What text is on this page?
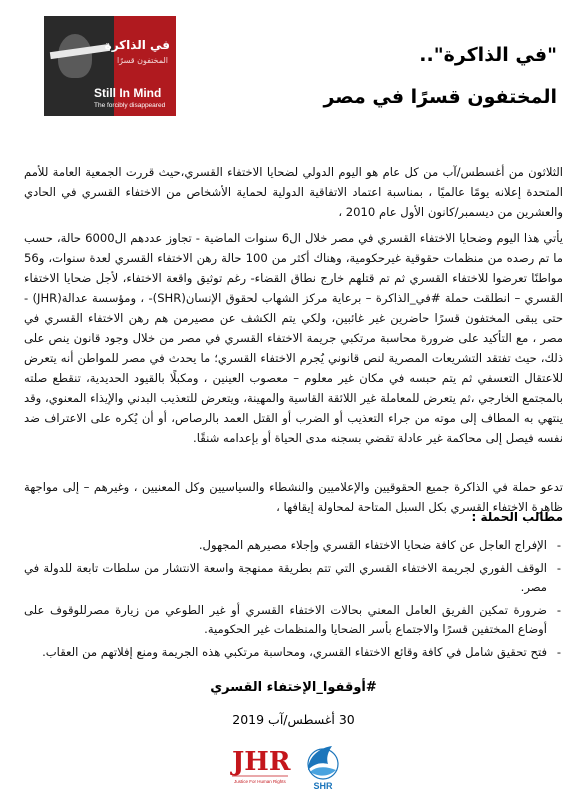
في الذاكرة
المختفون قسرًا
Still In Mind
The forcibly disappeared
"في الذاكرة"..
المختفون قسرًا في مصر

الثلاثون من أغسطس/آب من كل عام هو اليوم الدولي لضحايا الاختفاء القسري،حيث قررت الجمعية العامة للأمم المتحدة إعلانه يومًا عالميًا ، بمناسبة اعتماد الاتفاقية الدولية لحماية الأشخاص من الاختفاء القسري في الحادي والعشرين من ديسمبر/كانون الأول عام 2010 ،

يأتي هذا اليوم وضحايا الاختفاء القسري في مصر خلال ال6 سنوات الماضية - تجاوز عددهم ال6000 حالة، حسب ما تم رصده من منظمات حقوقية غيرحكومية، وهناك أكثر من 100 حالة رهن الاختفاء القسري لعدة سنوات، و56 مواطنًا تعرضوا للاختفاء القسري ثم تم قتلهم خارج نطاق القضاء- رغم توثيق واقعة الاختفاء، لأجل ضحايا الاختفاء القسري – انطلقت حملة #في_الذاكرة – برعاية مركز الشهاب لحقوق الإنسان(SHR)- ، ومؤسسة عدالة(JHR) - حتى يبقى المختفون قسرًا حاضرين غير غائبين، ولكي يتم الكشف عن مصيرمن هم رهن الاختفاء القسري في مصر ، مع التأكيد على ضرورة محاسبة مرتكبي جريمة الاختفاء القسري في مصر من خلال وجود قانون ينص على ذلك، حيث تفتقد التشريعات المصرية لنص قانوني يُجرم الاختفاء القسري؛ ما يحدث في مصر للمواطن أنه يتعرض للاعتقال التعسفي ثم يتم حبسه في مكان غير معلوم – معصوب العينين ، ومكبلًا بالقيود الحديدية، تنقطع صلته بالمجتمع الخارجي ،ثم يتعرض للمعاملة غير اللائقة القاسية والمهينة، ويتعرض للتعذيب البدني والإيذاء المعنوي، وقد ينتهي به المطاف إلى موته من جراء التعذيب أو الضرب أو القتل العمد بالرصاص، أو أن يُكره على الاعتراف ضد نفسه فيصل إلى محاكمة غير عادلة تقضي بسجنه مدى الحياة أو بإعدامه شنقًا.

تدعو حملة في الذاكرة جميع الحقوقيين والإعلاميين والنشطاء والسياسيين وكل المعنيين ، وغيرهم – إلى مواجهة ظاهرة الاختفاء القسري بكل السبل المتاحة لمحاولة إيقافها ،

مطالب الحملة :
- الإفراج العاجل عن كافة ضحايا الاختفاء القسري وإجلاء مصيرهم المجهول.
- الوقف الفوري لجريمة الاختفاء القسري التي تتم بطريقة ممنهجة واسعة الانتشار من سلطات تابعة للدولة في مصر.
- ضرورة تمكين الفريق العامل المعني بحالات الاختفاء القسري أو غير الطوعي من زيارة مصرللوقوف على أوضاع المختفين قسرًا والاجتماع بأسر الضحايا والمنظمات غير الحكومية.
- فتح تحقيق شامل في كافة وقائع الاختفاء القسري، ومحاسبة مرتكبي هذه الجريمة ومنع إفلاتهم من العقاب.
#أوقفوا_الإختفاء القسري
30 أغسطس/آب 2019
JHR
Justice For Human Rights	SHR
